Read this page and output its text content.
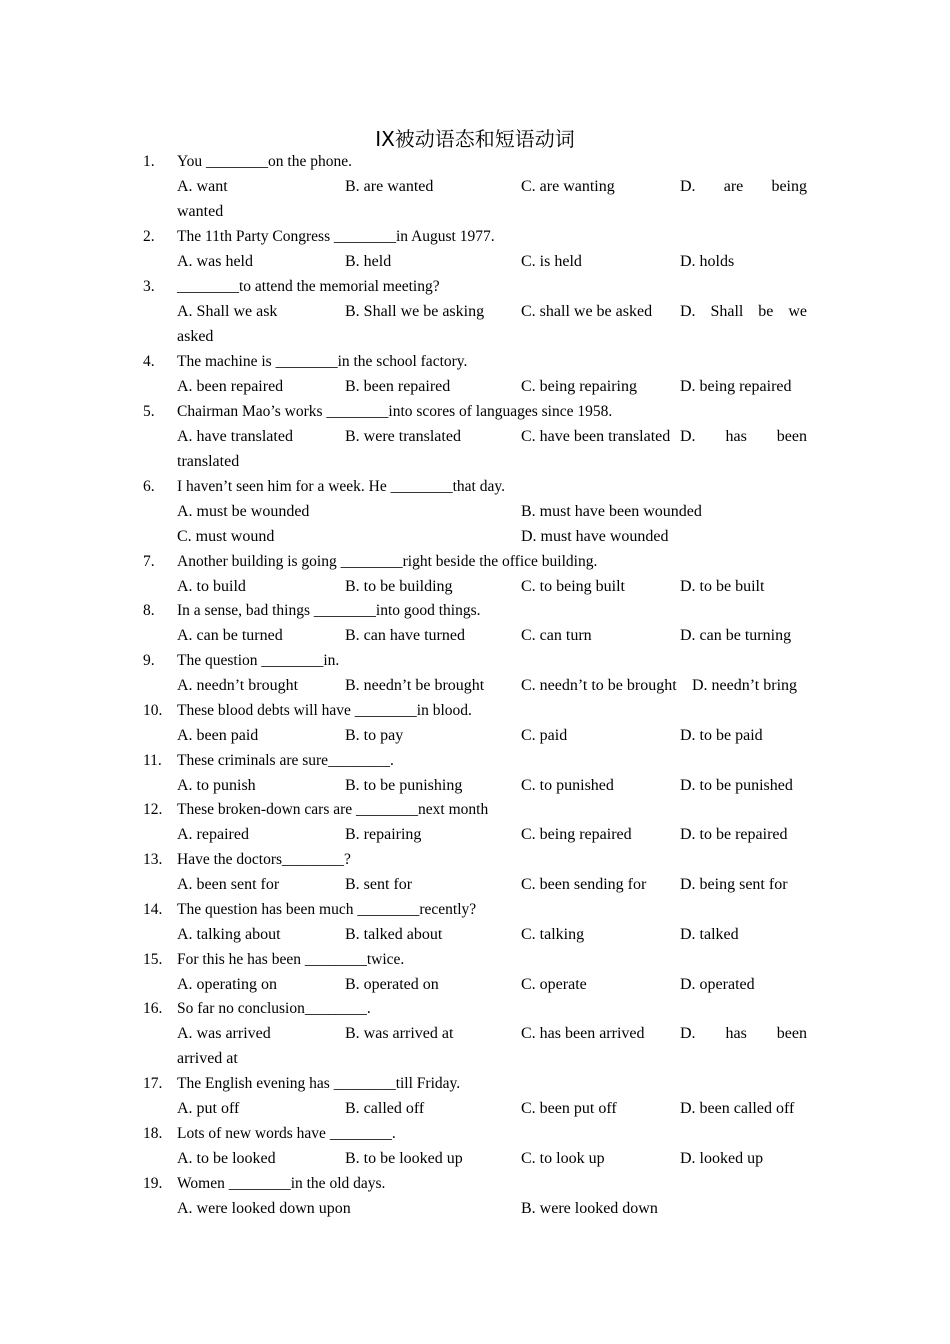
IX被动语态和短语动词
1. You ________on the phone.
A. want	B. are wanted	C. are wanting	D. are being
wanted
2. The 11th Party Congress ________in August 1977.
A. was held	B. held	C. is held	D. holds
3. ________to attend the memorial meeting?
A. Shall we ask	B. Shall we be asking C. shall we be asked D. Shall be we
asked
4. The machine is ________in the school factory.
A. been repaired	B. been repaired	C. being repairing	D. being repaired
5. Chairman Mao’s works ________into scores of languages since 1958.
A. have translated	B. were translated	C. have been translated D. has been
translated
6. I haven’t seen him for a week. He ________that day.
A. must be wounded	B. must have been wounded
C. must wound	D. must have wounded
7. Another building is going ________right beside the office building.
A. to build	B. to be building	C. to being built	D. to be built
8. In a sense, bad things ________into good things.
A. can be turned	B. can have turned	C. can turn	D. can be turning
9. The question ________in.
A. needn’t brought	B. needn’t be brought C. needn’t to be brought D. needn’t bring
10. These blood debts will have ________in blood.
A. been paid	B. to pay	C. paid	D. to be paid
11. These criminals are sure________.
A. to punish	B. to be punishing	C. to punished	D. to be punished
12. These broken-down cars are ________next month
A. repaired	B. repairing	C. being repaired	D. to be repaired
13. Have the doctors________?
A. been sent for	B. sent for	C. been sending for D. being sent for
14. The question has been much ________recently?
A. talking about	B. talked about	C. talking	D. talked
15. For this he has been ________twice.
A. operating on	B. operated on	C. operate	D. operated
16. So far no conclusion________.
A. was arrived	B. was arrived at	C. has been arrived D. has been
arrived at
17. The English evening has ________till Friday.
A. put off	B. called off	C. been put off	D. been called off
18. Lots of new words have ________.
A. to be looked	B. to be looked up	C. to look up	D. looked up
19. Women ________in the old days.
A. were looked down upon	B. were looked down
